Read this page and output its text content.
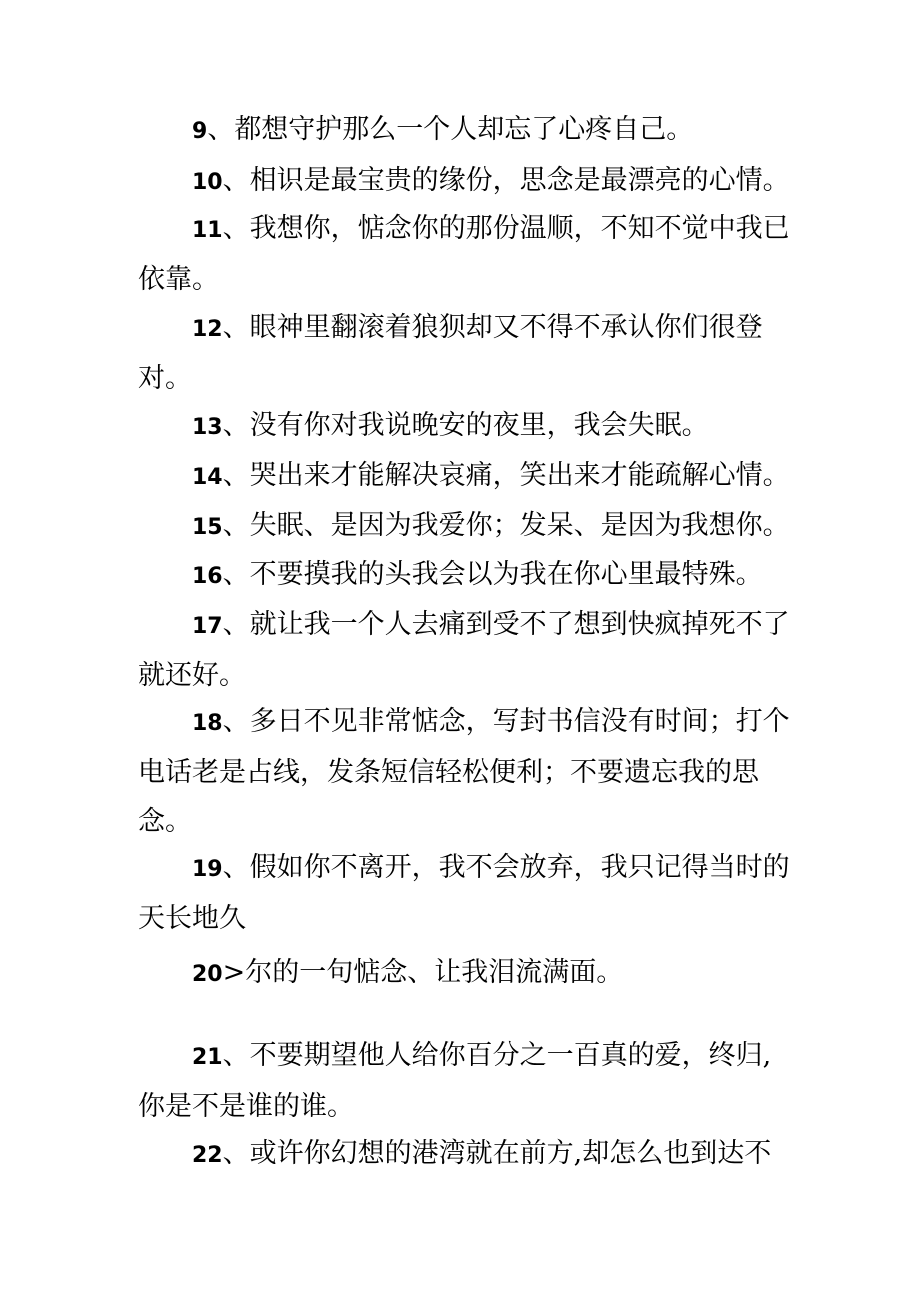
9、都想守护那么一个人却忘了心疼自己。

10、相识是最宝贵的缘份，思念是最漂亮的心情。

11、我想你，惦念你的那份温顺，不知不觉中我已依靠。

12、眼神里翻滚着狼狈却又不得不承认你们很登对。

13、没有你对我说晚安的夜里，我会失眠。

14、哭出来才能解决哀痛，笑出来才能疏解心情。

15、失眠、是因为我爱你；发呆、是因为我想你。

16、不要摸我的头我会以为我在你心里最特殊。

17、就让我一个人去痛到受不了想到快疯掉死不了就还好。

18、多日不见非常惦念，写封书信没有时间；打个电话老是占线，发条短信轻松便利；不要遗忘我的思念。

19、假如你不离开，我不会放弃，我只记得当时的天长地久

20>尔的一句惦念、让我泪流满面。

21、不要期望他人给你百分之一百真的爱，终归,你是不是谁的谁。

22、或许你幻想的港湾就在前方,却怎么也到达不
